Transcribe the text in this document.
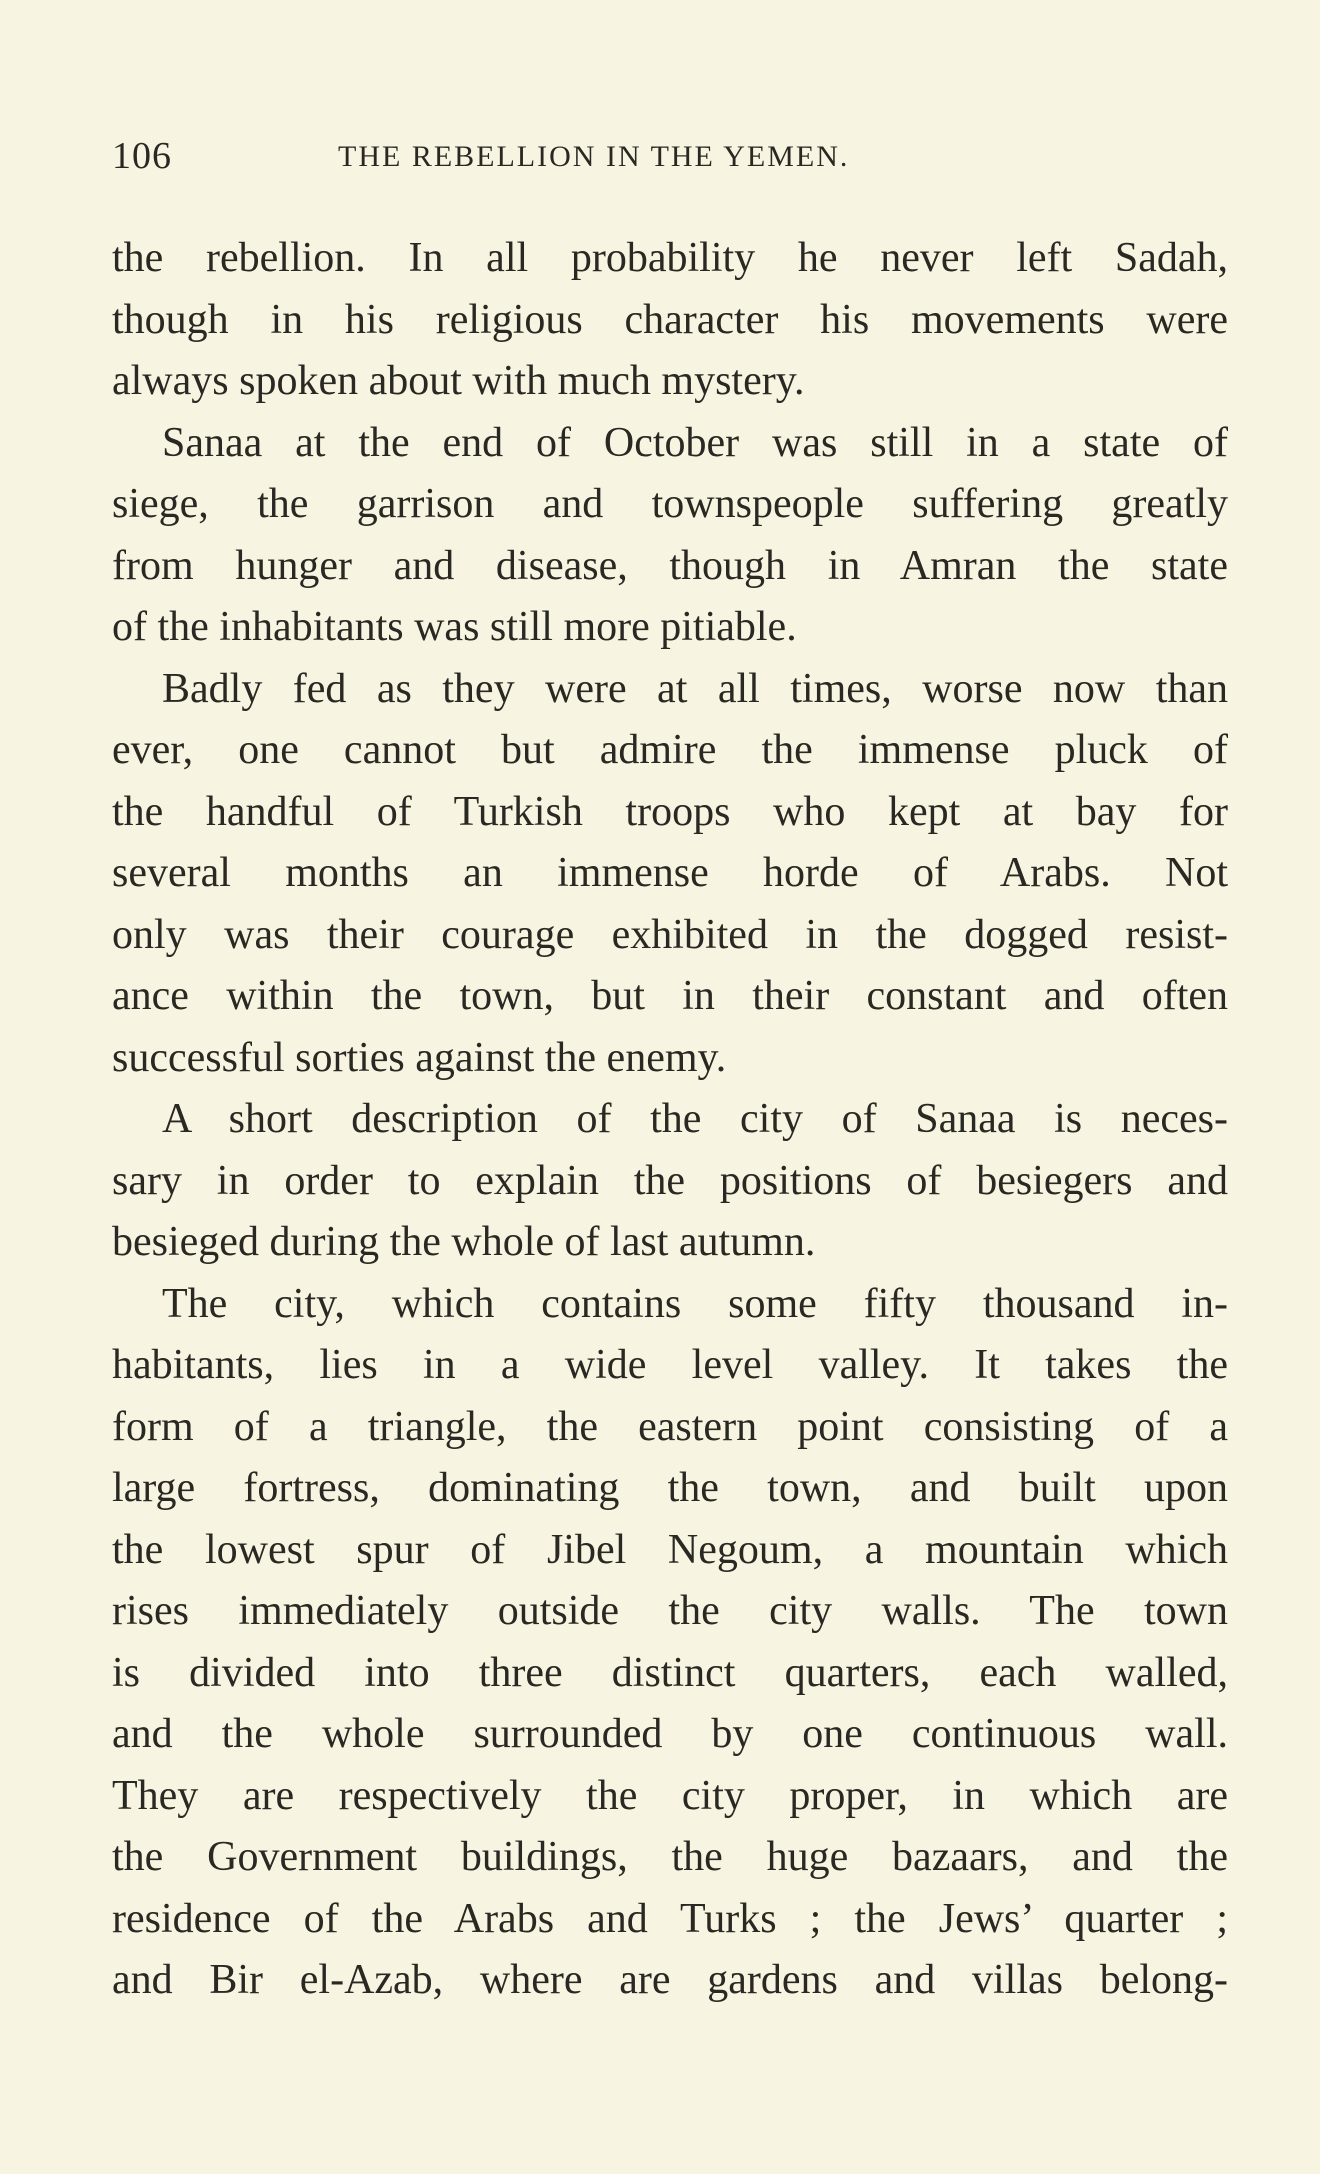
106	THE REBELLION IN THE YEMEN.
the rebellion. In all probability he never left Sadah,
though in his religious character his movements were
always spoken about with much mystery.
Sanaa at the end of October was still in a state of
siege, the garrison and townspeople suffering greatly
from hunger and disease, though in Amran the state
of the inhabitants was still more pitiable.
Badly fed as they were at all times, worse now than
ever, one cannot but admire the immense pluck of
the handful of Turkish troops who kept at bay for
several months an immense horde of Arabs. Not
only was their courage exhibited in the dogged resist-
ance within the town, but in their constant and often
successful sorties against the enemy.
A short description of the city of Sanaa is neces-
sary in order to explain the positions of besiegers and
besieged during the whole of last autumn.
The city, which contains some fifty thousand in-
habitants, lies in a wide level valley. It takes the
form of a triangle, the eastern point consisting of a
large fortress, dominating the town, and built upon
the lowest spur of Jibel Negoum, a mountain which
rises immediately outside the city walls. The town
is divided into three distinct quarters, each walled,
and the whole surrounded by one continuous wall.
They are respectively the city proper, in which are
the Government buildings, the huge bazaars, and the
residence of the Arabs and Turks ; the Jews’ quarter ;
and Bir el-Azab, where are gardens and villas belong-
